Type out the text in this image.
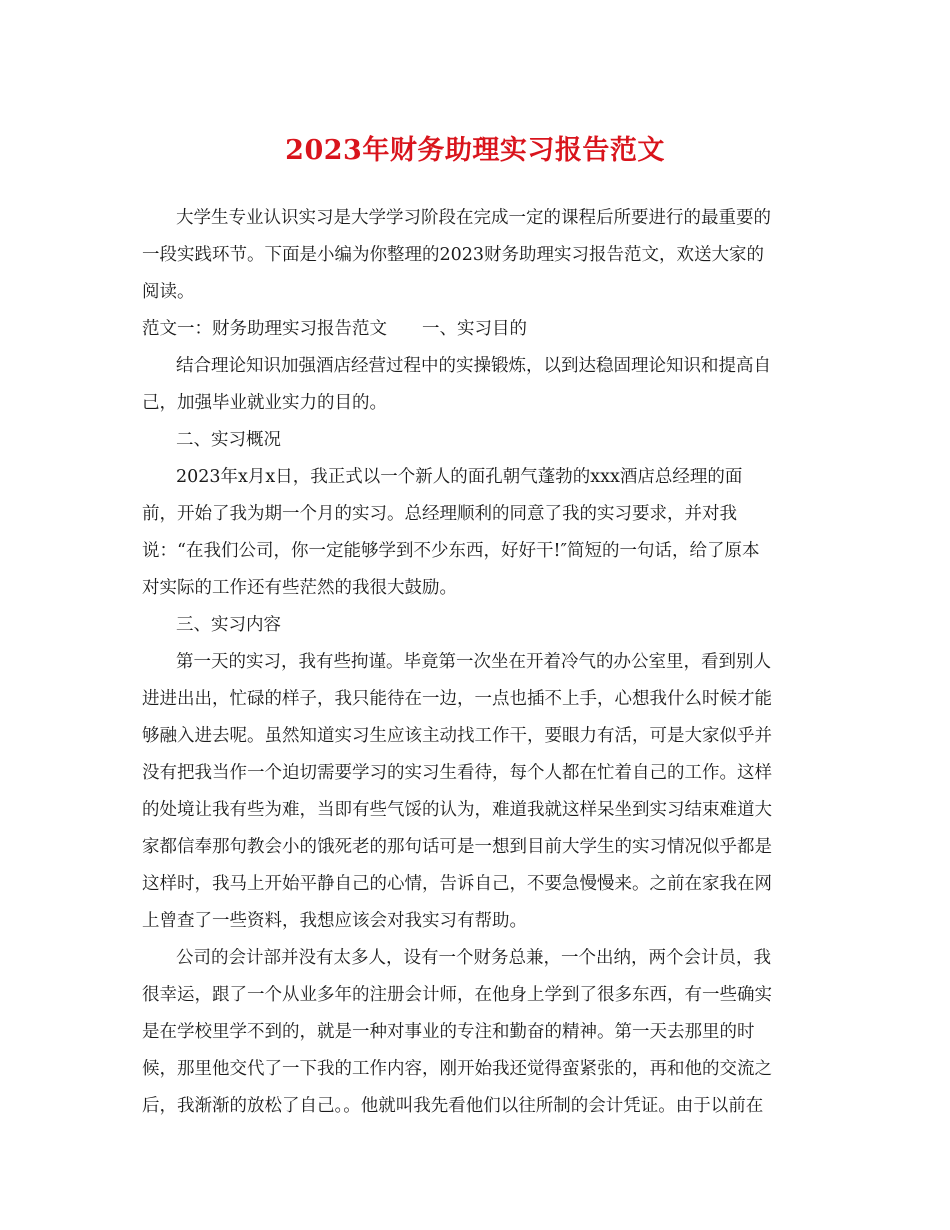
2023年财务助理实习报告范文
大学生专业认识实习是大学学习阶段在完成一定的课程后所要进行的最重要的
一段实践环节。下面是小编为你整理的2023财务助理实习报告范文，欢送大家的
阅读。
范文一：财务助理实习报告范文　　一、实习目的
结合理论知识加强酒店经营过程中的实操锻炼，以到达稳固理论知识和提高自
己，加强毕业就业实力的目的。
二、实习概况
2023年x月x日，我正式以一个新人的面孔朝气蓬勃的xxx酒店总经理的面
前，开始了我为期一个月的实习。总经理顺利的同意了我的实习要求，并对我
说：“在我们公司，你一定能够学到不少东西，好好干!″简短的一句话，给了原本
对实际的工作还有些茫然的我很大鼓励。
三、实习内容
第一天的实习，我有些拘谨。毕竟第一次坐在开着冷气的办公室里，看到别人
进进出出，忙碌的样子，我只能待在一边，一点也插不上手，心想我什么时候才能
够融入进去呢。虽然知道实习生应该主动找工作干，要眼力有活，可是大家似乎并
没有把我当作一个迫切需要学习的实习生看待，每个人都在忙着自己的工作。这样
的处境让我有些为难，当即有些气馁的认为，难道我就这样呆坐到实习结束难道大
家都信奉那句教会小的饿死老的那句话可是一想到目前大学生的实习情况似乎都是
这样时，我马上开始平静自己的心情，告诉自己，不要急慢慢来。之前在家我在网
上曾查了一些资料，我想应该会对我实习有帮助。
公司的会计部并没有太多人，设有一个财务总兼，一个出纳，两个会计员，我
很幸运，跟了一个从业多年的注册会计师，在他身上学到了很多东西，有一些确实
是在学校里学不到的，就是一种对事业的专注和勤奋的精神。第一天去那里的时
候，那里他交代了一下我的工作内容，刚开始我还觉得蛮紧张的，再和他的交流之
后，我渐渐的放松了自己。。他就叫我先看他们以往所制的会计凭证。由于以前在
